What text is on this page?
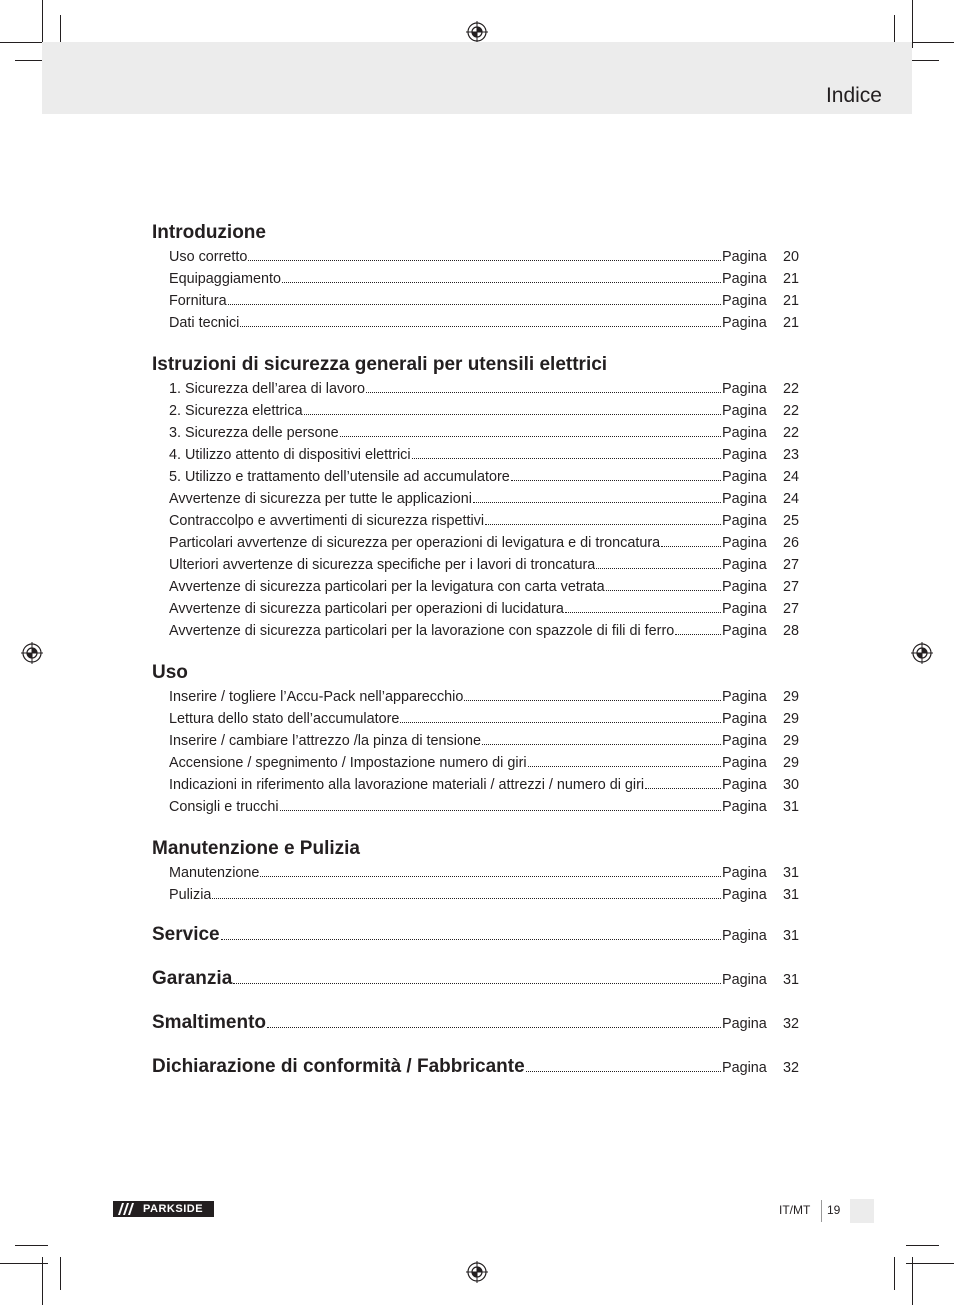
Indice
Introduzione
Uso corretto	Pagina 20
Equipaggiamento	Pagina 21
Fornitura	Pagina 21
Dati tecnici	Pagina 21
Istruzioni di sicurezza generali per utensili elettrici
1. Sicurezza dell’area di lavoro	Pagina 22
2. Sicurezza elettrica	Pagina 22
3. Sicurezza delle persone	Pagina 22
4. Utilizzo attento di dispositivi elettrici	Pagina 23
5. Utilizzo e trattamento dell’utensile ad accumulatore	Pagina 24
Avvertenze di sicurezza per tutte le applicazioni	Pagina 24
Contraccolpo e avvertimenti di sicurezza rispettivi	Pagina 25
Particolari avvertenze di sicurezza per operazioni di levigatura e di troncatura	Pagina 26
Ulteriori avvertenze di sicurezza specifiche per i lavori di troncatura	Pagina 27
Avvertenze di sicurezza particolari per la levigatura con carta vetrata	Pagina 27
Avvertenze di sicurezza particolari per operazioni di lucidatura	Pagina 27
Avvertenze di sicurezza particolari per la lavorazione con spazzole di fili di ferro	Pagina 28
Uso
Inserire / togliere l’Accu-Pack nell’apparecchio	Pagina 29
Lettura dello stato dell’accumulatore	Pagina 29
Inserire / cambiare l’attrezzo /la pinza di tensione	Pagina 29
Accensione / spegnimento / Impostazione numero di giri	Pagina 29
Indicazioni in riferimento alla lavorazione materiali / attrezzi / numero di giri	Pagina 30
Consigli e trucchi	Pagina 31
Manutenzione e Pulizia
Manutenzione	Pagina 31
Pulizia	Pagina 31
Service	Pagina 31
Garanzia	Pagina 31
Smaltimento	Pagina 32
Dichiarazione di conformità / Fabbricante	Pagina 32
PARKSIDE	IT/MT 19
